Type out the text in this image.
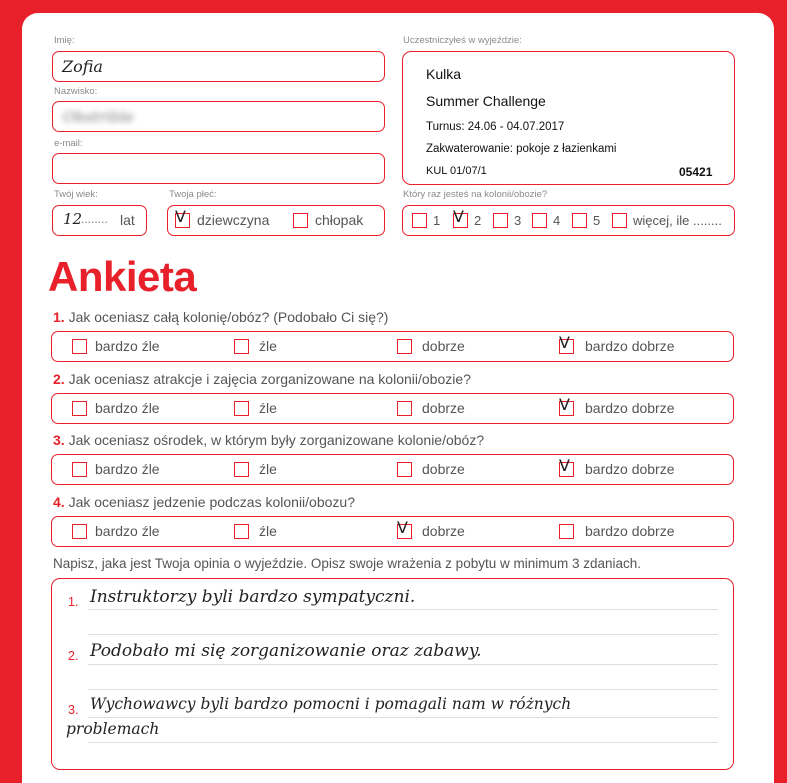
Imię:
Zofia
Nazwisko:
Obstrible
e-mail:
Twój wiek:
12
........ lat
Twoja płeć:
V dziewczyna	chłopak
Uczestniczyłeś w wyjeździe:
Kulka
Summer Challenge
Turnus: 24.06 - 04.07.2017
Zakwaterowanie: pokoje z łazienkami
KUL 01/07/1	05421
Który raz jesteś na kolonii/obozie?
1 V 2	3 4	5	więcej, ile ........
Ankieta
1. Jak oceniasz całą kolonię/obóz? (Podobało Ci się?)
bardzo źle	źle	dobrze	V bardzo dobrze
2. Jak oceniasz atrakcje i zajęcia zorganizowane na kolonii/obozie?
bardzo źle	źle	dobrze	V bardzo dobrze
3. Jak oceniasz ośrodek, w którym były zorganizowane kolonie/obóz?
bardzo źle	źle	dobrze	V bardzo dobrze
4. Jak oceniasz jedzenie podczas kolonii/obozu?
bardzo źle	źle	V dobrze	bardzo dobrze
Napisz, jaka jest Twoja opinia o wyjeździe. Opisz swoje wrażenia z pobytu w minimum 3 zdaniach.
1. Instruktorzy byli bardzo sympatyczni.
2. Podobało mi się zorganizowanie oraz zabawy.
3. Wychowawcy byli bardzo pomocni i pomagali nam w różnych
problemach
